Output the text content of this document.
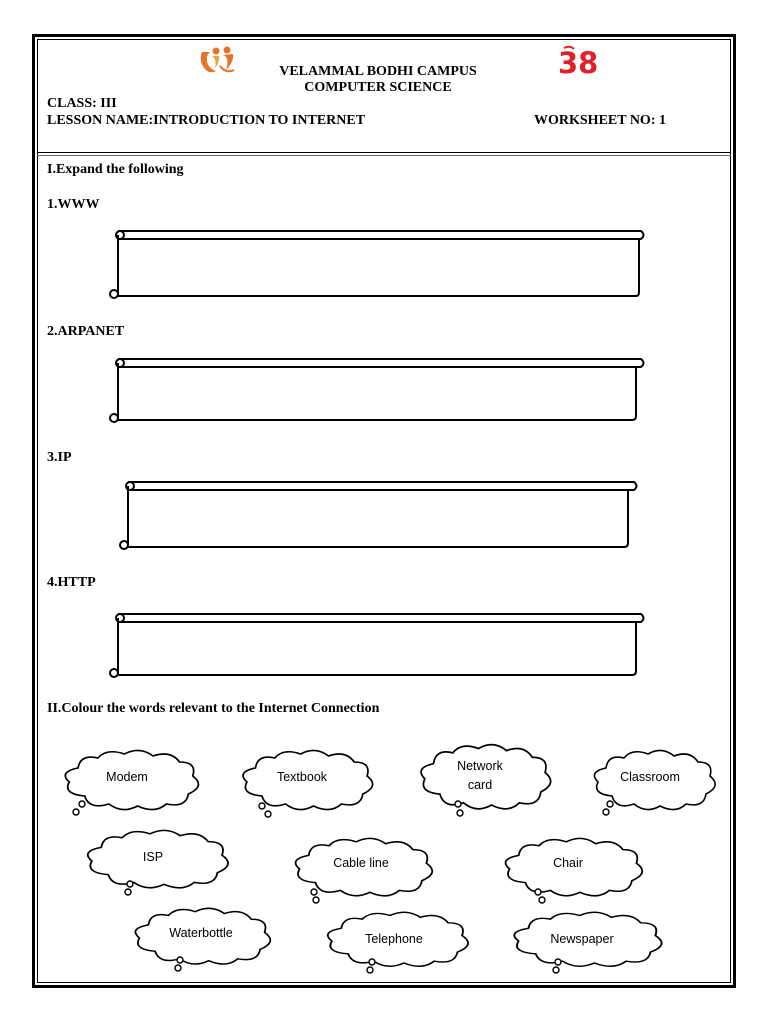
38
VELAMMAL BODHI CAMPUS
COMPUTER SCIENCE
CLASS: III
LESSON NAME:INTRODUCTION TO INTERNET	WORKSHEET NO: 1
I.Expand the following
1.WWW
2.ARPANET
3.IP
4.HTTP
II.Colour the words relevant to the Internet Connection
Modem	Textbook
Network
card
Classroom
ISP	Cable line	Chair
Waterbottle	Telephone	Newspaper
